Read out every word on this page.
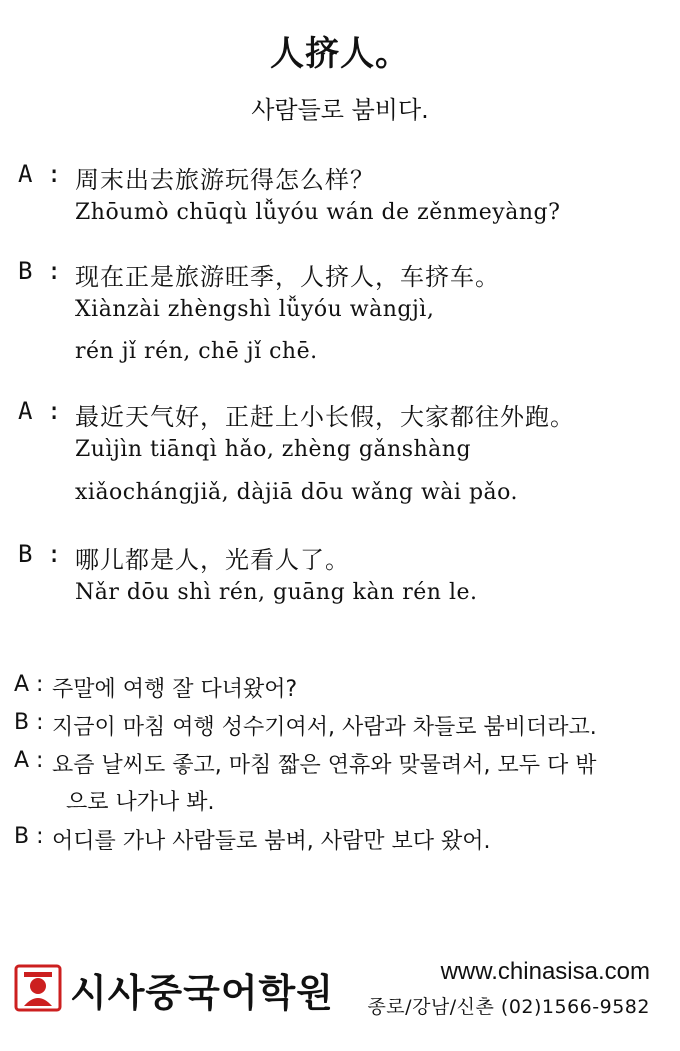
人挤人。
사람들로 붐비다.
A : 周末出去旅游玩得怎么样？
Zhōumò chūqù lǚyóu wán de zěnmeyàng?
B : 现在正是旅游旺季，人挤人，车挤车。
Xiànzài zhèngshì lǚyóu wàngjì,
rén jǐ rén, chē jǐ chē.
A : 最近天气好，正赶上小长假，大家都往外跑。
Zuìjìn tiānqì hǎo, zhèng gǎnshàng
xiǎochángjiǎ, dàjiā dōu wǎng wài pǎo.
B : 哪儿都是人，光看人了。
Nǎr dōu shì rén, guāng kàn rén le.
A : 주말에 여행 잘 다녀왔어?
B : 지금이 마침 여행 성수기여서, 사람과 차들로 붐비더라고.
A : 요즘 날씨도 좋고, 마침 짧은 연휴와 맞물려서, 모두 다 밖
으로 나가나 봐.
B : 어디를 가나 사람들로 붐벼, 사람만 보다 왔어.
시사중국어학원	www.chinasisa.com
종로/강남/신촌 (02)1566-9582
